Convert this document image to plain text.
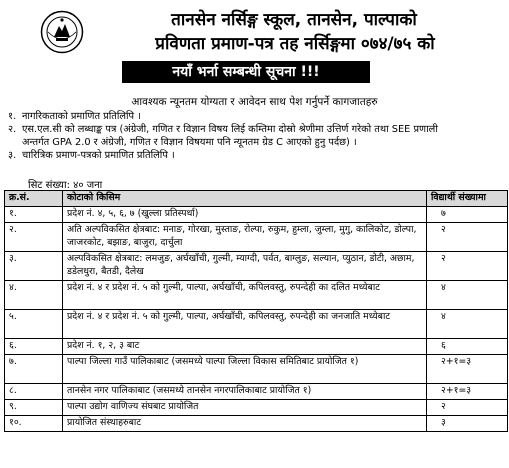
तानसेन नर्सिङ्ग स्कूल, तानसेन, पाल्पाको
प्रविणता प्रमाण-पत्र तह नर्सिङ्गमा ०७४/७५ को
नयाँ भर्ना सम्बन्धी सूचना !!!
आवश्यक न्यूनतम योग्यता र आवेदन साथ पेश गर्नुपर्ने कागजातहरु
१. नागरिकताको प्रमाणित प्रतिलिपि ।
२. एस.एल.सी को लब्धाङ्क पत्र (अंग्रेजी, गणित र विज्ञान विषय लिई कम्तिमा दोस्रो श्रेणीमा उत्तिर्ण गरेको तथा SEE प्रणाली
अन्तर्गत GPA 2.0 र अंग्रेजी, गणित र विज्ञान विषयमा पनि न्यूनतम ग्रेड C आएको हुनु पर्दछ) ।
३. चारित्रिक प्रमाण-पत्रको प्रमाणित प्रतिलिपि ।
सिट संख्या: ४० जना
क्र.सं.	कोटाको किसिम	विद्यार्थी संख्यामा
१.	प्रदेश नं. ४, ५, ६, ७ (खुल्ला प्रतिस्पर्धा)	७
२.	अति अल्पविकसित क्षेत्रबाट: मनाङ, गोरखा, मुस्ताङ, रोल्पा, रुकुम, हुम्ला, जुम्ला, मुगु, कालिकोट, डोल्पा, जाजरकोट, बझाङ, बाजुरा, दार्चुला	२
३.	अल्पविकसित क्षेत्रबाट: लमजुङ, अर्घखाँची, गुल्मी, म्याग्दी, पर्वत, बाग्लुङ, सल्यान, प्युठान, डोटी, अछाम, डडेलधुरा, बैतडी, दैलेख	२
४.	प्रदेश नं. ४ र प्रदेश नं. ५ को गुल्मी, पाल्पा, अर्घखाँची, कपिलवस्तु, रुपन्देही का दलित मध्येबाट	४
५.	प्रदेश नं. ४ र प्रदेश नं. ५ को गुल्मी, पाल्पा, अर्घखाँची, कपिलवस्तु, रुपन्देही का जनजाति मध्येबाट	४
६.	प्रदेश नं. १, २, ३ बाट	६
७.	पाल्पा जिल्ला गाउँ पालिकाबाट (जसमध्ये पाल्पा जिल्ला विकास समितिबाट प्रायोजित १)	२+१=३
८.	तानसेन नगर पालिकाबाट (जसमध्ये तानसेन नगरपालिकाबाट प्रायोजित १)	२+१=३
९.	पाल्पा उद्योग वाणिज्य संघबाट प्रायोजित	२
१०.	प्रायोजित संस्थाहरुबाट	३
